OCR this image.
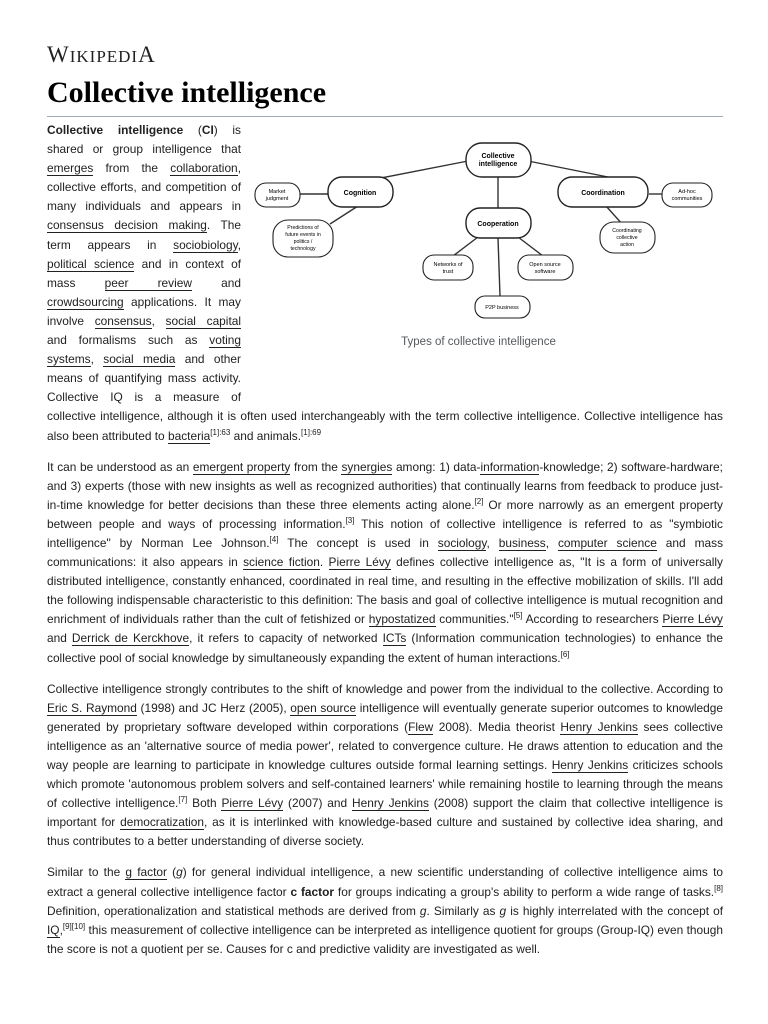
WIKIPEDIA
Collective intelligence
Collective
intelligence
Cognition	Coordination
Cooperation
Market
judgment
Ad-hoc
communities
Predictions of
future events in
politics /
technology
Coordinating
collective
action
Networks of
trust
Open source
software
P2P business
Types of collective intelligence

Collective intelligence (CI) is shared or group intelligence that emerges from the collaboration, collective efforts, and competition of many individuals and appears in consensus decision making. The term appears in sociobiology, political science and in context of mass peer review and crowdsourcing applications. It may involve consensus, social capital and formalisms such as voting systems, social media and other means of quantifying mass activity. Collective IQ is a measure of collective intelligence, although it is often used interchangeably with the term collective intelligence. Collective intelligence has also been attributed to bacteria$^{[1]:63}$ and animals.$^{[1]:69}$

It can be understood as an emergent property from the synergies among: 1) data-information-knowledge; 2) software-hardware; and 3) experts (those with new insights as well as recognized authorities) that continually learns from feedback to produce just-in-time knowledge for better decisions than these three elements acting alone.[2] Or more narrowly as an emergent property between people and ways of processing information.[3] This notion of collective intelligence is referred to as "symbiotic intelligence" by Norman Lee Johnson.[4] The concept is used in sociology, business, computer science and mass communications: it also appears in science fiction. Pierre Lévy defines collective intelligence as, "It is a form of universally distributed intelligence, constantly enhanced, coordinated in real time, and resulting in the effective mobilization of skills. I'll add the following indispensable characteristic to this definition: The basis and goal of collective intelligence is mutual recognition and enrichment of individuals rather than the cult of fetishized or hypostatized communities."[5] According to researchers Pierre Lévy and Derrick de Kerckhove, it refers to capacity of networked ICTs (Information communication technologies) to enhance the collective pool of social knowledge by simultaneously expanding the extent of human interactions.[6]

Collective intelligence strongly contributes to the shift of knowledge and power from the individual to the collective. According to Eric S. Raymond (1998) and JC Herz (2005), open source intelligence will eventually generate superior outcomes to knowledge generated by proprietary software developed within corporations (Flew 2008). Media theorist Henry Jenkins sees collective intelligence as an 'alternative source of media power', related to convergence culture. He draws attention to education and the way people are learning to participate in knowledge cultures outside formal learning settings. Henry Jenkins criticizes schools which promote 'autonomous problem solvers and self-contained learners' while remaining hostile to learning through the means of collective intelligence.[7] Both Pierre Lévy (2007) and Henry Jenkins (2008) support the claim that collective intelligence is important for democratization, as it is interlinked with knowledge-based culture and sustained by collective idea sharing, and thus contributes to a better understanding of diverse society.

Similar to the g factor (g) for general individual intelligence, a new scientific understanding of collective intelligence aims to extract a general collective intelligence factor c factor for groups indicating a group's ability to perform a wide range of tasks.[8] Definition, operationalization and statistical methods are derived from g. Similarly as g is highly interrelated with the concept of IQ,[9][10] this measurement of collective intelligence can be interpreted as intelligence quotient for groups (Group-IQ) even though the score is not a quotient per se. Causes for c and predictive validity are investigated as well.
